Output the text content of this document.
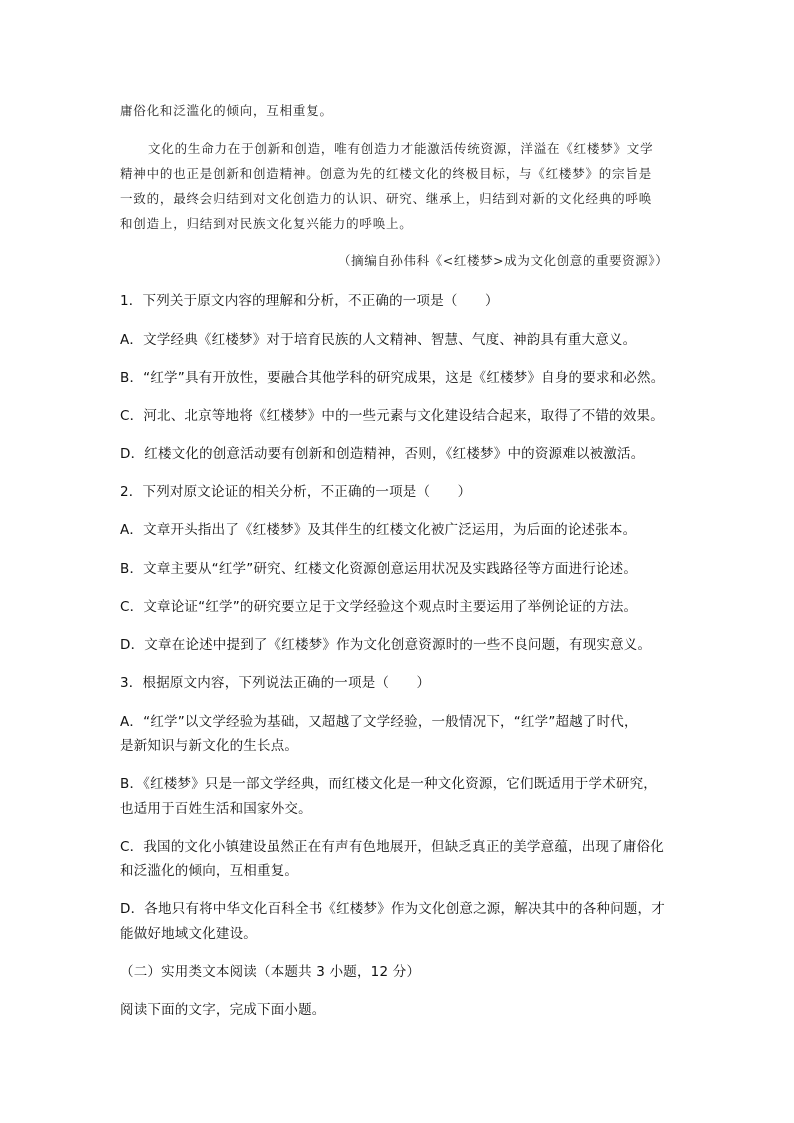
庸俗化和泛滥化的倾向，互相重复。
文化的生命力在于创新和创造，唯有创造力才能激活传统资源，洋溢在《红楼梦》文学
精神中的也正是创新和创造精神。创意为先的红楼文化的终极目标，与《红楼梦》的宗旨是
一致的，最终会归结到对文化创造力的认识、研究、继承上，归结到对新的文化经典的呼唤
和创造上，归结到对民族文化复兴能力的呼唤上。
（摘编自孙伟科《<红楼梦>成为文化创意的重要资源》）
1．下列关于原文内容的理解和分析，不正确的一项是（　　）
A．文学经典《红楼梦》对于培育民族的人文精神、智慧、气度、神韵具有重大意义。
B．“红学”具有开放性，要融合其他学科的研究成果，这是《红楼梦》自身的要求和必然。
C．河北、北京等地将《红楼梦》中的一些元素与文化建设结合起来，取得了不错的效果。
D．红楼文化的创意活动要有创新和创造精神，否则，《红楼梦》中的资源难以被激活。
2．下列对原文论证的相关分析，不正确的一项是（　　）
A．文章开头指出了《红楼梦》及其伴生的红楼文化被广泛运用，为后面的论述张本。
B．文章主要从“红学”研究、红楼文化资源创意运用状况及实践路径等方面进行论述。
C．文章论证“红学”的研究要立足于文学经验这个观点时主要运用了举例论证的方法。
D．文章在论述中提到了《红楼梦》作为文化创意资源时的一些不良问题，有现实意义。
3．根据原文内容，下列说法正确的一项是（　　）
A．“红学”以文学经验为基础，又超越了文学经验，一般情况下，“红学”超越了时代，
是新知识与新文化的生长点。
B．《红楼梦》只是一部文学经典，而红楼文化是一种文化资源，它们既适用于学术研究，
也适用于百姓生活和国家外交。
C．我国的文化小镇建设虽然正在有声有色地展开，但缺乏真正的美学意蕴，出现了庸俗化
和泛滥化的倾向，互相重复。
D．各地只有将中华文化百科全书《红楼梦》作为文化创意之源，解决其中的各种问题，才
能做好地域文化建设。
（二）实用类文本阅读（本题共 3 小题，12 分）
阅读下面的文字，完成下面小题。
